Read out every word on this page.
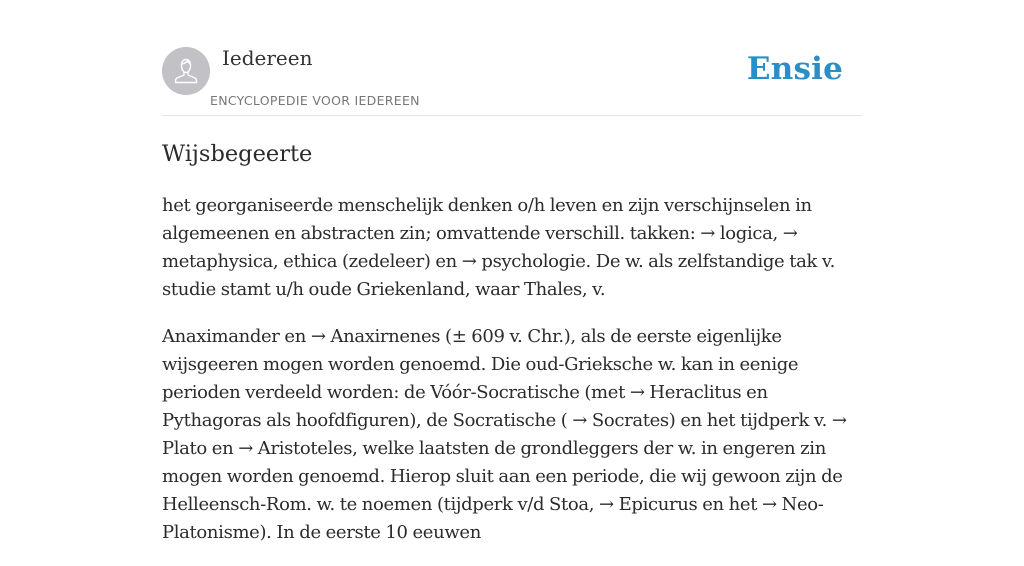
Iedereen
ENCYCLOPEDIE VOOR IEDEREEN
Ensie
Wijsbegeerte

het georganiseerde menschelijk denken o/h leven en zijn verschijnselen in algemeenen en abstracten zin; omvattende verschill. takken: → logica, → metaphysica, ethica (zedeleer) en → psychologie. De w. als zelfstandige tak v. studie stamt u/h oude Griekenland, waar Thales, v.

Anaximander en → Anaxirnenes (± 609 v. Chr.), als de eerste eigenlijke wijsgeeren mogen worden genoemd. Die oud-Grieksche w. kan in eenige perioden verdeeld worden: de Vóór-Socratische (met → Heraclitus en Pythagoras als hoofdfiguren), de Socratische ( → Socrates) en het tijdperk v. → Plato en → Aristoteles, welke laatsten de grondleggers der w. in engeren zin mogen worden genoemd. Hierop sluit aan een periode, die wij gewoon zijn de Helleensch-Rom. w. te noemen (tijdperk v/d Stoa, → Epicurus en het → Neo-Platonisme). In de eerste 10 eeuwen
